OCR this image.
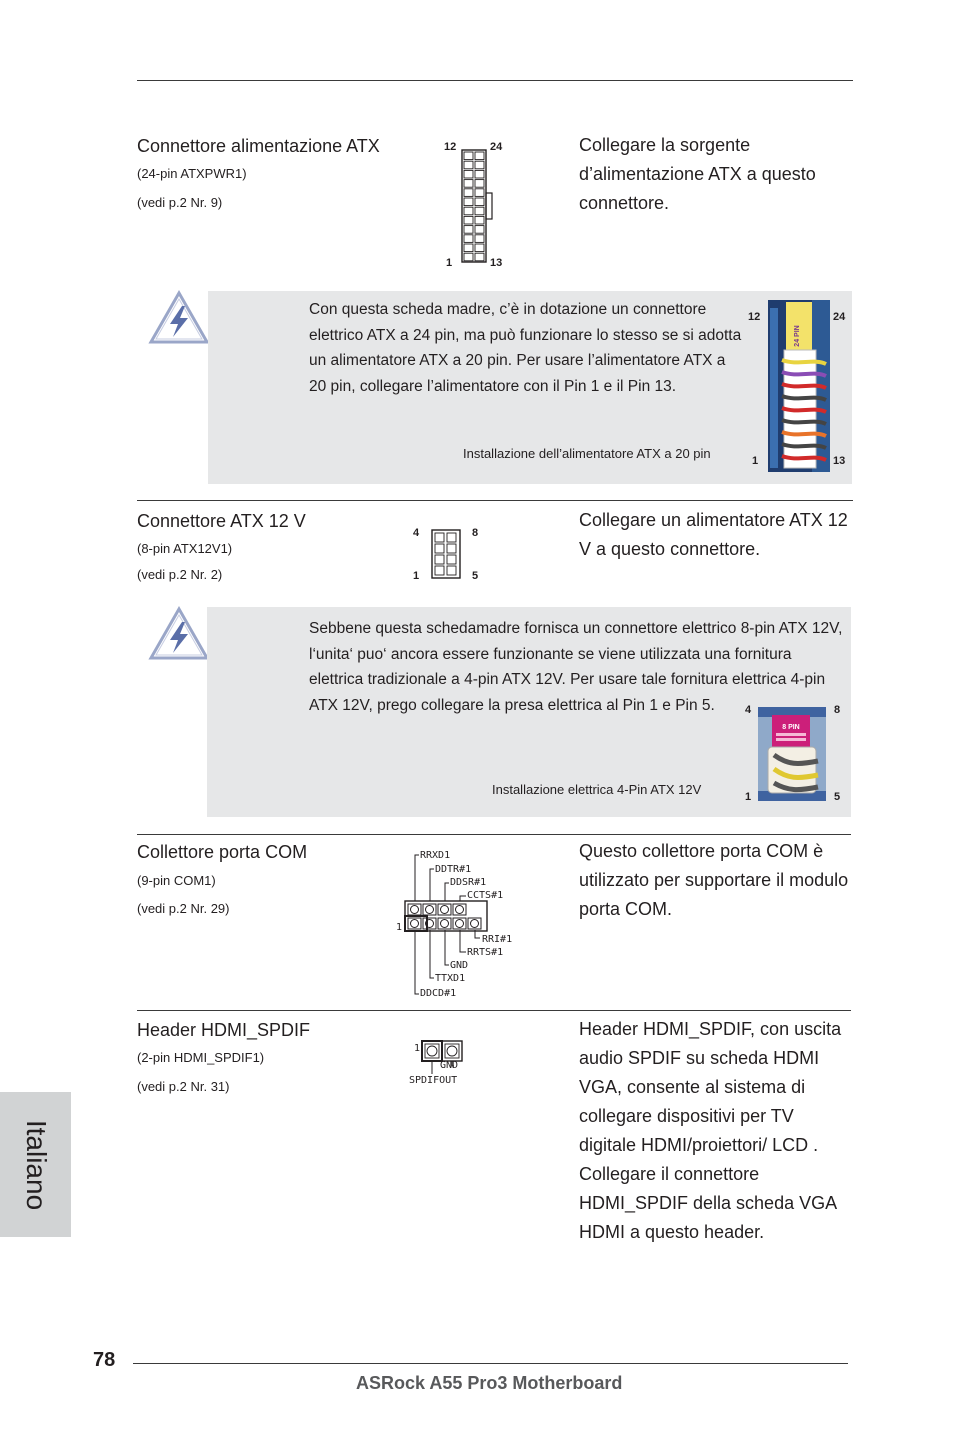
Connettore alimentazione ATX
(24-pin ATXPWR1)
(vedi p.2 Nr. 9)
Collegare la sorgente d’alimentazione ATX a questo connettore.
12	24
1	13
Con questa scheda madre, c’è in dotazione un connettore elettrico ATX a 24 pin, ma può funzionare lo stesso se si adotta un alimentatore ATX a 20 pin. Per usare l’alimentatore ATX a 20 pin, collegare l’alimentatore con il Pin 1 e il Pin 13.
Installazione dell’alimentatore ATX a 20 pin
12	24
1	13
24 PIN
Connettore ATX 12 V
(8-pin ATX12V1)
(vedi p.2 Nr. 2)
Collegare un alimentatore ATX 12 V a questo connettore.
4	8
1	5
Sebbene questa schedamadre fornisca un connettore elettrico 8-pin ATX 12V, l‘unita‘ puo‘ ancora essere funzionante se viene utilizzata una fornitura elettrica tradizionale a 4-pin ATX 12V. Per usare tale fornitura elettrica 4-pin ATX 12V, prego collegare la presa elettrica al Pin 1 e Pin 5.
Installazione elettrica 4-Pin ATX 12V
4	8
1	5
8 PIN
Collettore porta COM
(9-pin COM1)
(vedi p.2 Nr. 29)
Questo collettore porta COM è utilizzato per supportare il modulo porta COM.
RRXD1
DDTR#1
DDSR#1
CCTS#1
1
RRI#1
RRTS#1
GND
TTXD1
DDCD#1
Header HDMI_SPDIF
(2-pin HDMI_SPDIF1)
(vedi p.2 Nr. 31)
Header HDMI_SPDIF, con uscita audio SPDIF su scheda HDMI VGA, consente al sistema di collegare dispositivi per TV digitale HDMI/proiettori/ LCD . Collegare il connettore HDMI_SPDIF della scheda VGA HDMI a questo header.
1
GND
SPDIFOUT
Italiano
78
ASRock A55 Pro3 Motherboard
